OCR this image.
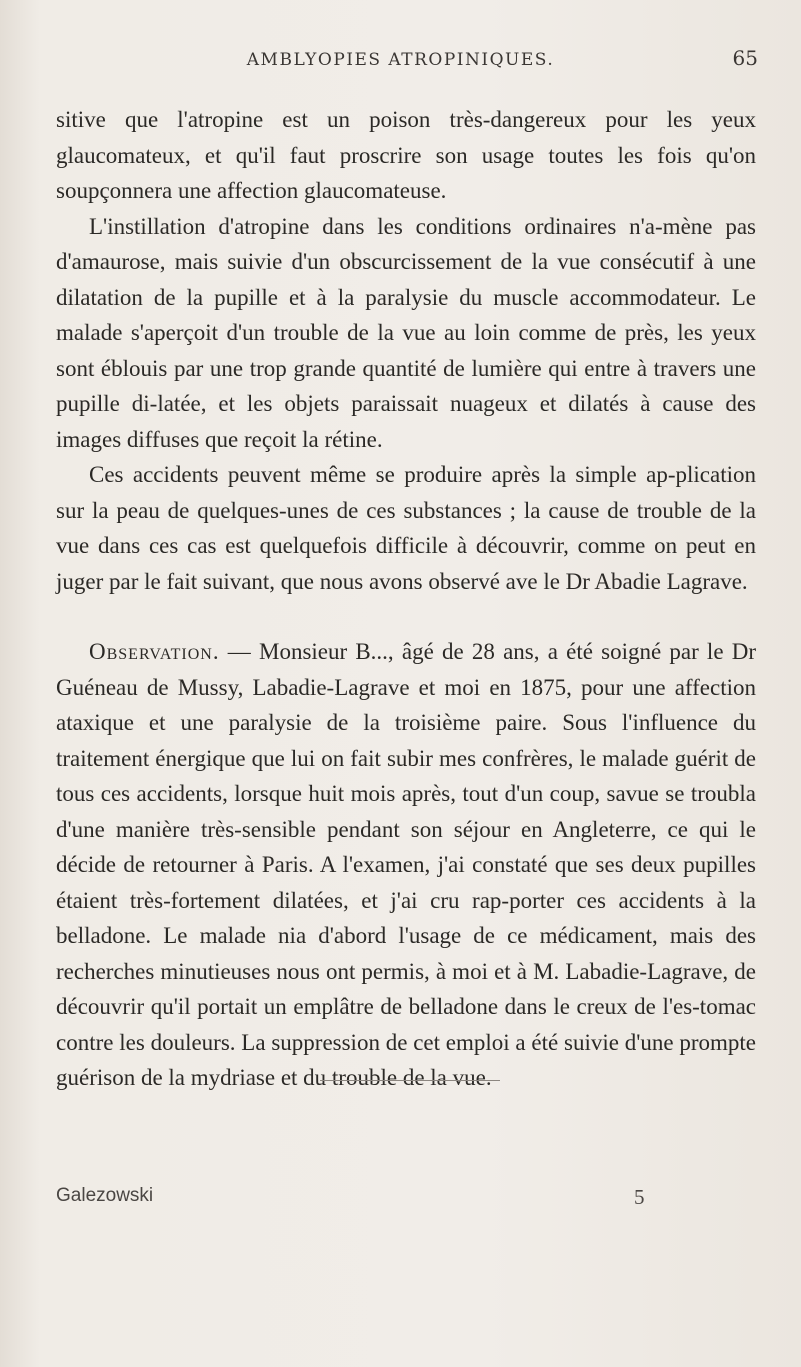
AMBLYOPIES ATROPINIQUES.	65

sitive que l'atropine est un poison très-dangereux pour les yeux glaucomateux, et qu'il faut proscrire son usage toutes les fois qu'on soupçonnera une affection glaucomateuse.

L'instillation d'atropine dans les conditions ordinaires n'a-mène pas d'amaurose, mais suivie d'un obscurcissement de la vue consécutif à une dilatation de la pupille et à la paralysie du muscle accommodateur. Le malade s'aperçoit d'un trouble de la vue au loin comme de près, les yeux sont éblouis par une trop grande quantité de lumière qui entre à travers une pupille di-latée, et les objets paraissait nuageux et dilatés à cause des images diffuses que reçoit la rétine.

Ces accidents peuvent même se produire après la simple ap-plication sur la peau de quelques-unes de ces substances ; la cause de trouble de la vue dans ces cas est quelquefois difficile à découvrir, comme on peut en juger par le fait suivant, que nous avons observé ave le Dr Abadie Lagrave.

Observation. — Monsieur B..., âgé de 28 ans, a été soigné par le Dr Guéneau de Mussy, Labadie-Lagrave et moi en 1875, pour une affection ataxique et une paralysie de la troisième paire. Sous l'influence du traitement énergique que lui on fait subir mes confrères, le malade guérit de tous ces accidents, lorsque huit mois après, tout d'un coup, savue se troubla d'une manière très-sensible pendant son séjour en Angleterre, ce qui le décide de retourner à Paris. A l'examen, j'ai constaté que ses deux pupilles étaient très-fortement dilatées, et j'ai cru rap-porter ces accidents à la belladone. Le malade nia d'abord l'usage de ce médicament, mais des recherches minutieuses nous ont permis, à moi et à M. Labadie-Lagrave, de découvrir qu'il portait un emplâtre de belladone dans le creux de l'es-tomac contre les douleurs. La suppression de cet emploi a été suivie d'une prompte guérison de la mydriase et du trouble de la vue.

Galezowski	5
